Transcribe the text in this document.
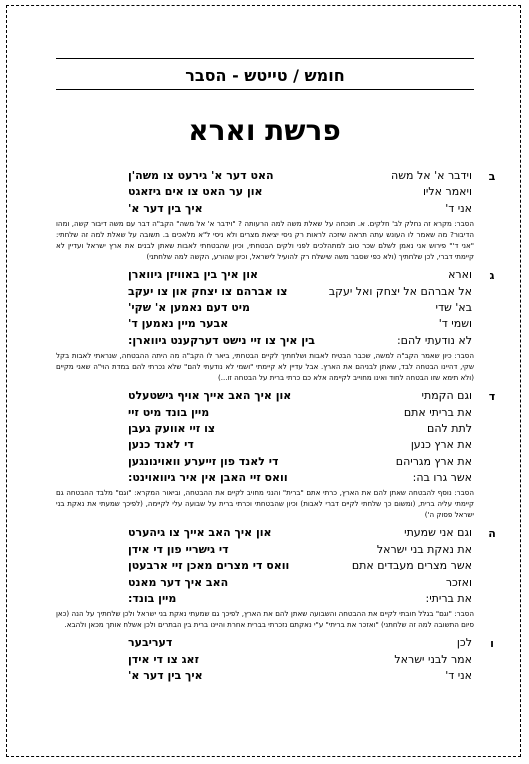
חומש / טייטש - הסבר
פרשת וארא
ב
וידבר א' אל משה
האט דער א' גירעט צו משה'ן
ויאמר אליו
און ער האט צו אים גיזאגט
אני ד'
איך בין דער א'
הסבר: מקרא זה נחלק לב' חלקים. א. תוכחה על שאלת משה למה הרעותה ? "וידבר א' אל משה" הקב"ה דבר עם משה דיבור קשה, ומהו הדיבור? מה שאמר לו העונש עתה תראה שיזכה לראות רק ניסי יציאת מצרים ולא ניסי ל"א מלאכים ב. תשובה על שאלת למה זה שלחתי: "אני ד'" פירוש אני נאמן לשלם שכר טוב למתהלכים לפני ולקים הבטחתי, וכיון שהבטחתי לאבות שאתן לבנים את ארץ ישראל ועדיין לא קיימתי דברי, לכן שלחתיך (ולא כפי שסבר משה שישלח רק להועיל לישראל, וכיון שהורע, הקשה למה שלחתני)
ג
וארא
און איך בין באוויזן גיווארן
אל אברהם אל יצחק ואל יעקב
צו אברהם צו יצחק און צו יעקב
בא' שדי
מיט דעם נאמען א' שקי'
ושמי ד'
אבער מיין נאמען ד'
לא נודעתי להם:
בין איך צו זיי נישט דערקענט גיווארן:
הסבר: כיון שאמר הקב"ה למשה, שכבר הבטיח לאבות ושלחתיך לקיים הבטחתי, ביאר לו הקב"ה מה היתה ההבטחה, שנראתי לאבות בקל שקי, דהיינו הבטחה לבד, שאתן לבניהם את הארץ. אבל עדיין לא קיימתי "ושמי לא נודעתי להם" שלא נכרתי להם במדת הוי"ה שאני מקיים (ולא תימא שזו הבטחה לחוד ואינו מחוייב לקיימה אלא כם כרתי ברית על הבטחה זו...)
ד
וגם הקמתי
און איך האב אייך אויף גישטעלט
את בריתי אתם
מיין בונד מיט זיי
לתת להם
צו זיי אוועק געבן
את ארץ כנען
די לאנד כנען
את ארץ מגריהם
די לאנד פון זייערע וואוינונגען
אשר גרו בה:
וואס זיי האבן אין איר גיוואוינט:
הסבר: נוסף להבטחה שאתן להם את הארץ, כרתי אתם "ברית" והנני מחויב לקיים את ההבטחה, וביאור המקרא: "וגם" מלבד ההבטחה גם קיימתי עליה ברית, (ומשום כך שלחתי לקיים דברי לאבות) וכיון שהבטחתי וכרתי ברית על שבועה עלי לקיימה, (לפיכך שמעתי את נאקת בני ישראל פסוק ה')
ה
וגם אני שמעתי
און איך האב אייך צו גיהערט
את נאקת בני ישראל
די גישריי פון די אידן
אשר מצרים מעבדים אתם
וואס די מצרים מאכן זיי ארבעטן
ואזכר
האב איך דער מאנט
את בריתי:
מיין בונד:
הסבר: "וגם" בגלל חובתי לקיים את ההבטחה והשבועה שאתן להם את הארץ, לפיכך גם שמעתי נאקת בני ישראל ולכן שלחתיך על הנה (כאן סיום התשובה למה זה שלחתני) "ואזכר את בריתי" ע"י נאקתם נזכרתי בברית אחרת והיינו ברית בין הבתרים ולכן אשלח אותך מכאן ולהבא.
ו
לכן
דעריבער
אמר לבני ישראל
זאג צו די אידן
אני ד'
איך בין דער א'
